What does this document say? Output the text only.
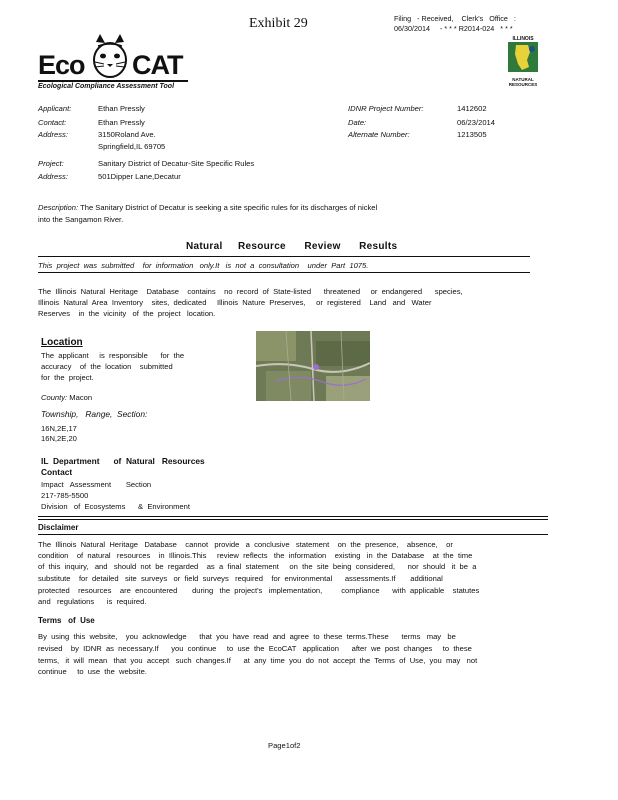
Exhibit 29	Filing   - Received,    Clerk's   Office   :
06/30/2014     - * * * R2014-024   * * *
Eco CAT
Ecological Compliance Assessment Tool
ILLINOIS
NATURAL RESOURCES
Applicant:	Ethan Pressly
Contact:	Ethan Pressly
Address:	3150Roland Ave.
Springfield,IL 69705
IDNR Project Number:	1412602
Date:	06/23/2014
Alternate Number:	1213505
Project:	Sanitary District of Decatur-Site Specific Rules
Address:	501Dipper Lane,Decatur
Description: The Sanitary District of Decatur is seeking a site specific rules for its discharges of nickel
into the Sangamon River.
Natural     Resource      Review      Results
This  project  was  submitted    for  information   only.It   is  not  a  consultation    under  Part  1075.
The  Illinois  Natural  Heritage    Database    contains    no  record  of  State-listed      threatened     or  endangered      species,
Illinois  Natural  Area  Inventory    sites,  dedicated     Illinois  Nature  Preserves,     or  registered    Land   and   Water
Reserves    in  the  vicinity   of  the  project   location.
Location
The  applicant     is  responsible      for  the
accuracy    of  the  location    submitted
for  the  project.
County: Macon
Township,   Range,  Section:
16N,2E,17
16N,2E,20
IL  Department      of  Natural   Resources
Contact
Impact   Assessment       Section
217-785-5500
Division   of  Ecosystems      &  Environment
Disclaimer
The  Illinois  Natural  Heritage   Database    cannot   provide   a  conclusive   statement    on  the  presence,    absence,    or
condition    of  natural   resources    in  Illinois.This     review  reflects   the  information    existing   in  the  Database    at  the  time
of  this  inquiry,   and   should  not  be  regarded    as  a  final  statement     on  the  site  being  considered,      nor  should   it  be  a
substitute    for  detailed   site  surveys   or  field  surveys   required    for  environmental      assessments.If       additional
protected    resources    are  encountered       during   the  project's   implementation,         compliance      with  applicable    statutes
and   regulations      is  required.
Terms   of  Use
By  using  this  website,    you  acknowledge      that  you  have  read  and  agree  to  these  terms.These      terms   may   be
revised    by  IDNR  as  necessary.If      you  continue     to  use  the  EcoCAT   application      after  we  post  changes     to  these
terms,   it  will  mean   that  you  accept   such  changes.If      at  any  time  you  do  not  accept  the  Terms  of  Use,  you  may   not
continue     to  use  the  website.
Page1of2
